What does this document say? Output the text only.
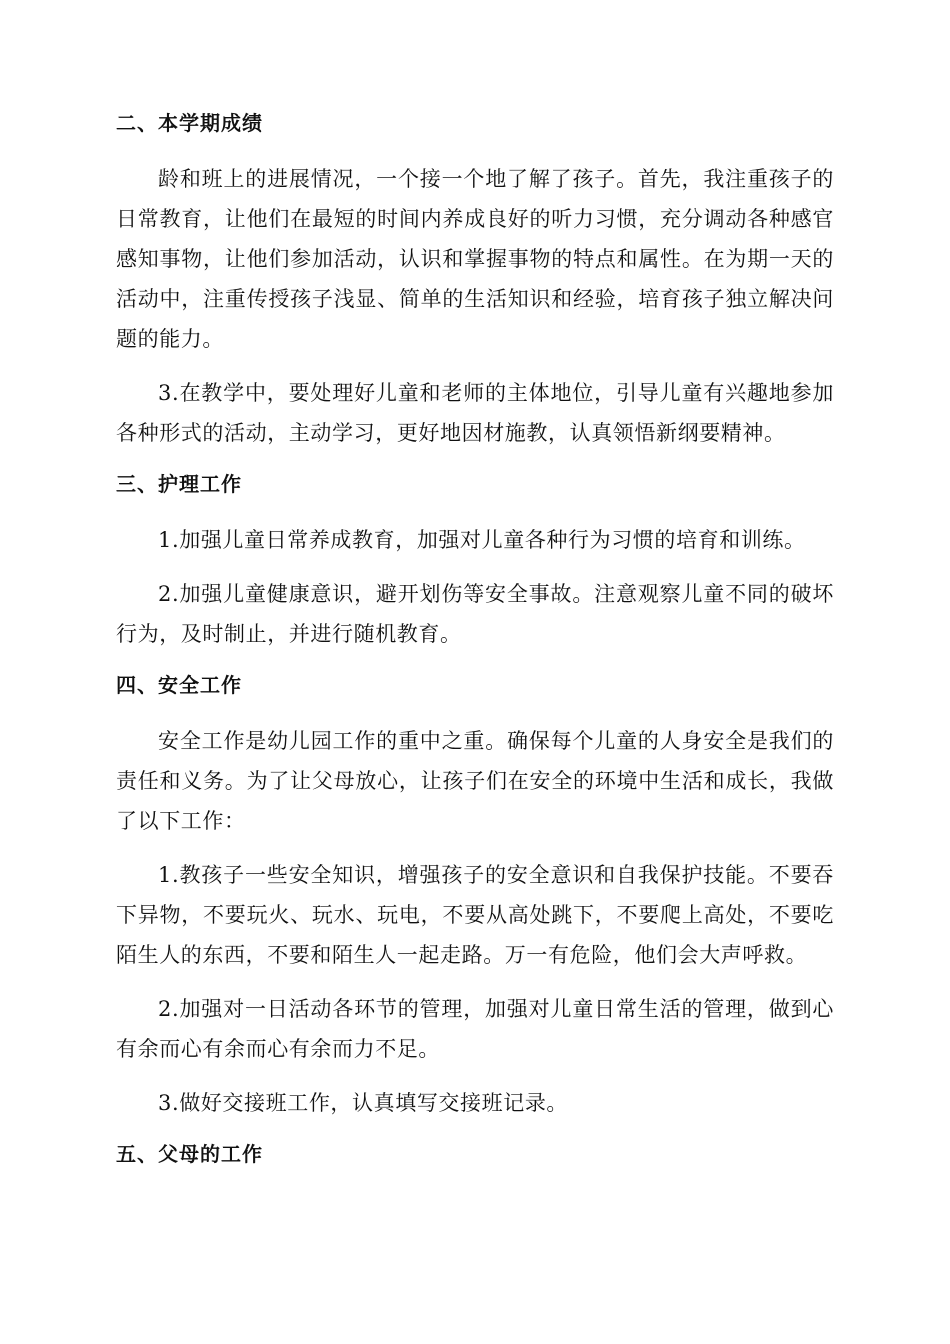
二、本学期成绩

龄和班上的进展情况，一个接一个地了解了孩子。首先，我注重孩子的日常教育，让他们在最短的时间内养成良好的听力习惯，充分调动各种感官感知事物，让他们参加活动，认识和掌握事物的特点和属性。在为期一天的活动中，注重传授孩子浅显、简单的生活知识和经验，培育孩子独立解决问题的能力。

3.在教学中，要处理好儿童和老师的主体地位，引导儿童有兴趣地参加各种形式的活动，主动学习，更好地因材施教，认真领悟新纲要精神。

三、护理工作

1.加强儿童日常养成教育，加强对儿童各种行为习惯的培育和训练。

2.加强儿童健康意识，避开划伤等安全事故。注意观察儿童不同的破坏行为，及时制止，并进行随机教育。

四、安全工作

安全工作是幼儿园工作的重中之重。确保每个儿童的人身安全是我们的责任和义务。为了让父母放心，让孩子们在安全的环境中生活和成长，我做了以下工作：

1.教孩子一些安全知识，增强孩子的安全意识和自我保护技能。不要吞下异物，不要玩火、玩水、玩电，不要从高处跳下，不要爬上高处，不要吃陌生人的东西，不要和陌生人一起走路。万一有危险，他们会大声呼救。

2.加强对一日活动各环节的管理，加强对儿童日常生活的管理，做到心有余而心有余而心有余而力不足。

3.做好交接班工作，认真填写交接班记录。

五、父母的工作
